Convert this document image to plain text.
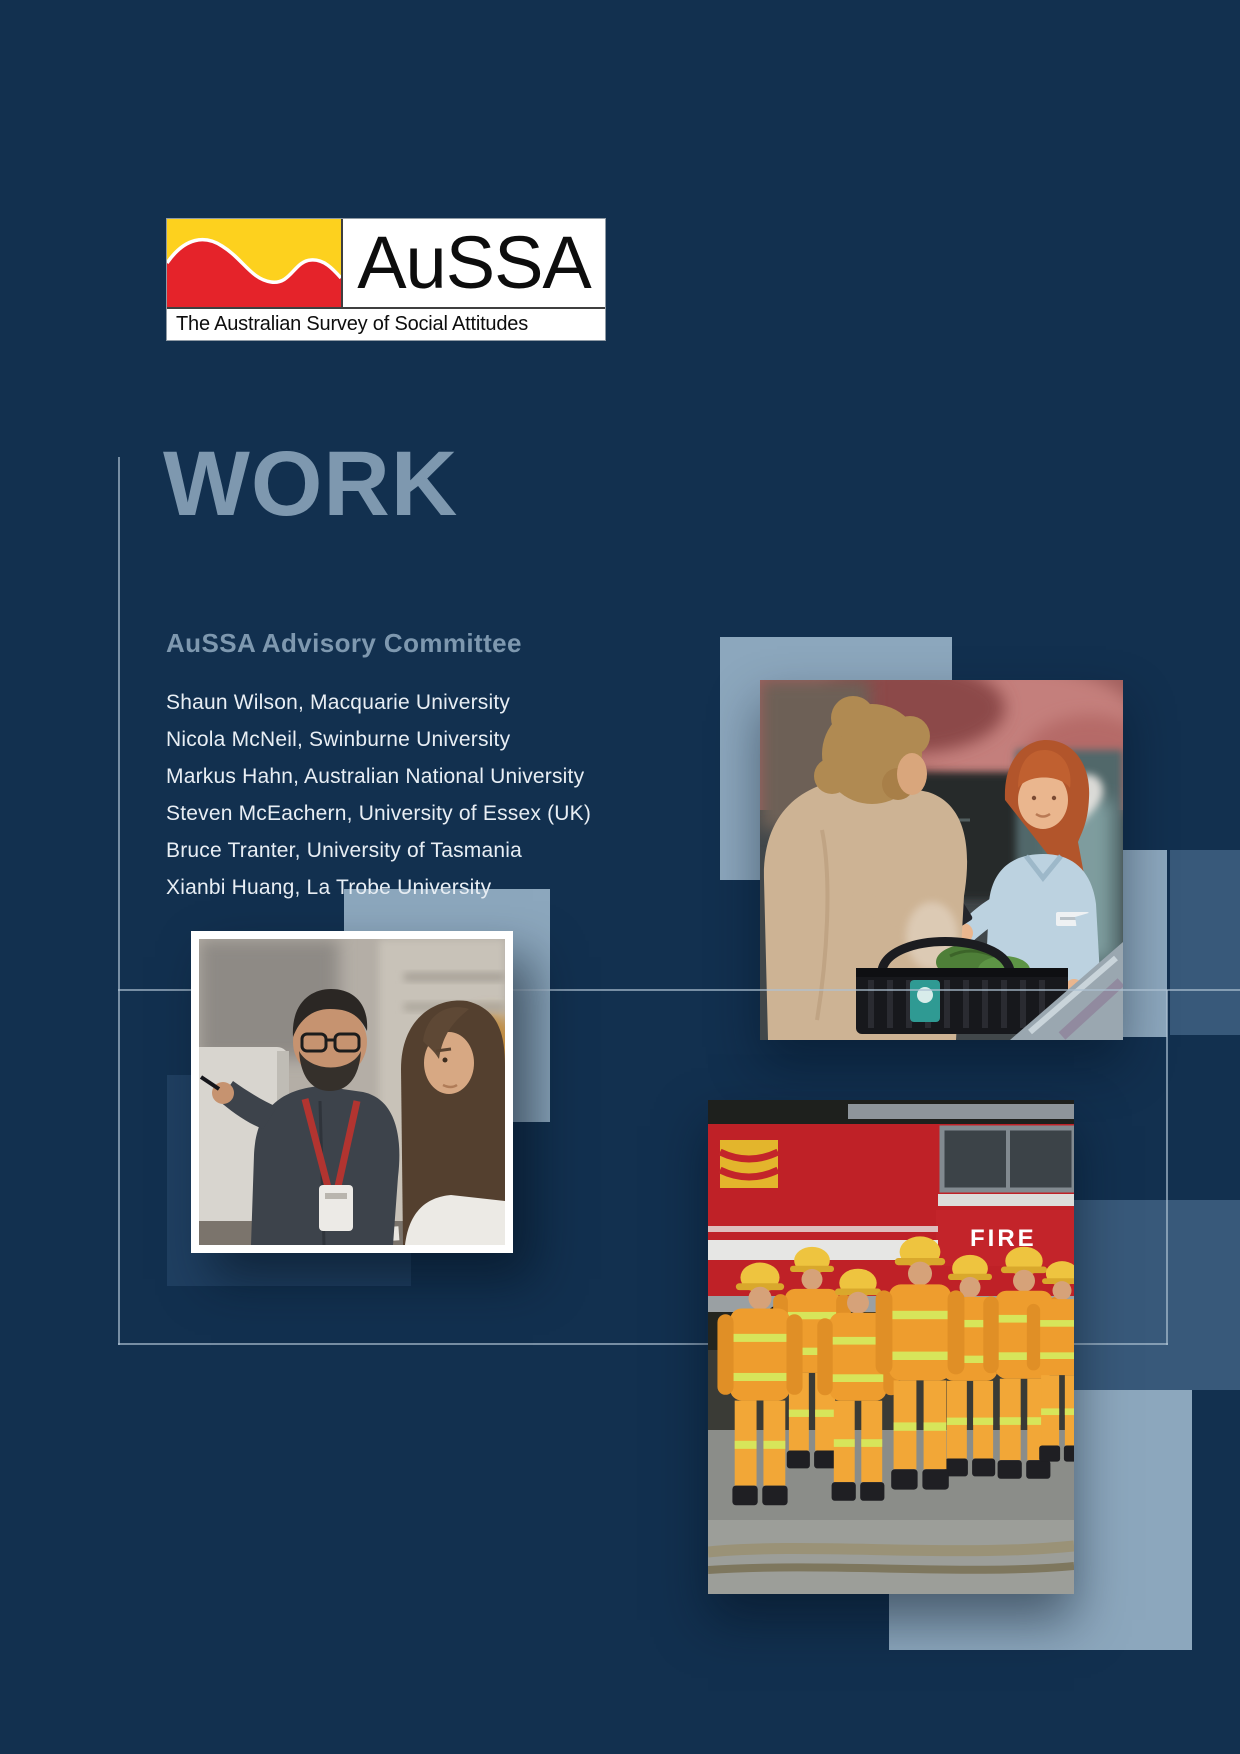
AuSSA
The Australian Survey of Social Attitudes
WORK
AuSSA Advisory Committee
Shaun Wilson, Macquarie University
Nicola McNeil, Swinburne University
Markus Hahn, Australian National University
Steven McEachern, University of Essex (UK)
Bruce Tranter, University of Tasmania
Xianbi Huang, La Trobe University
FIRE
